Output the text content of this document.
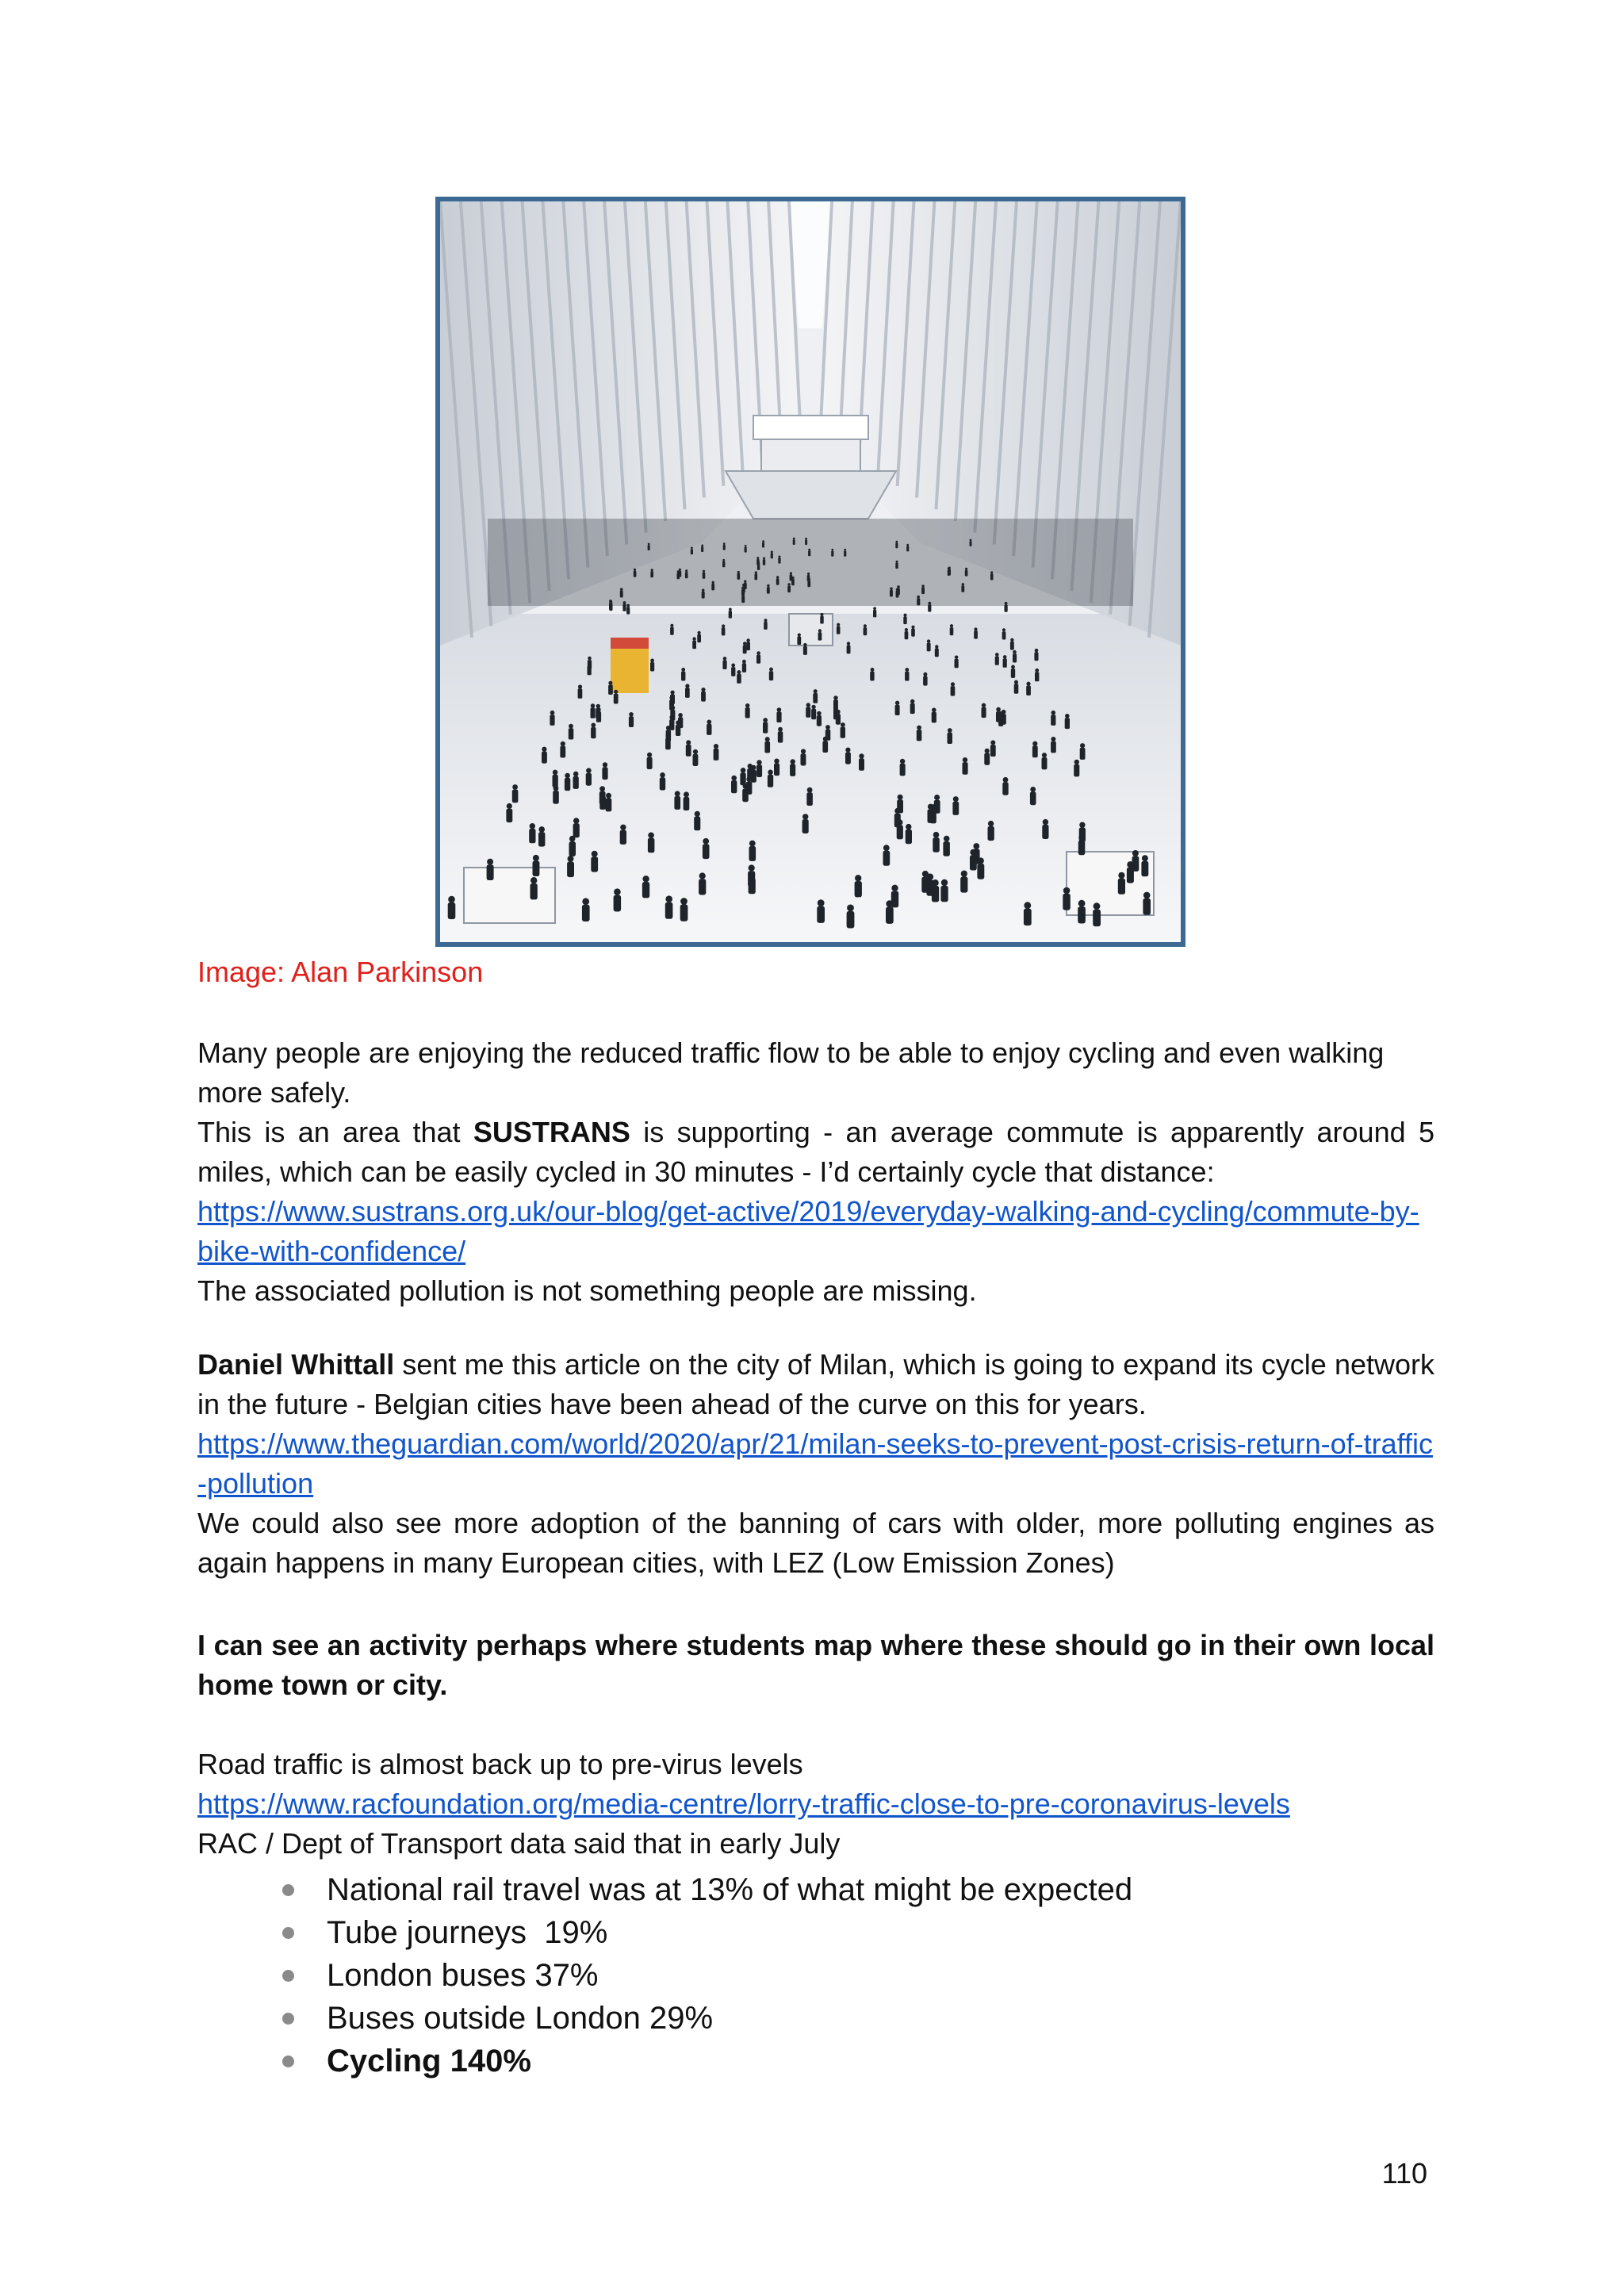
Image: Alan Parkinson

Many people are enjoying the reduced traffic flow to be able to enjoy cycling and even walking more safely.
This is an area that SUSTRANS is supporting - an average commute is apparently around 5 miles, which can be easily cycled in 30 minutes - I’d certainly cycle that distance:
https://www.sustrans.org.uk/our-blog/get-active/2019/everyday-walking-and-cycling/commute-by-bike-with-confidence/
The associated pollution is not something people are missing.
Daniel Whittall sent me this article on the city of Milan, which is going to expand its cycle network in the future - Belgian cities have been ahead of the curve on this for years.
https://www.theguardian.com/world/2020/apr/21/milan-seeks-to-prevent-post-crisis-return-of-traffic-pollution
We could also see more adoption of the banning of cars with older, more polluting engines as again happens in many European cities, with LEZ (Low Emission Zones)

I can see an activity perhaps where students map where these should go in their own local home town or city.

Road traffic is almost back up to pre-virus levels
https://www.racfoundation.org/media-centre/lorry-traffic-close-to-pre-coronavirus-levels
RAC / Dept of Transport data said that in early July
National rail travel was at 13% of what might be expected
Tube journeys  19%
London buses 37%
Buses outside London 29%
Cycling 140%
110
